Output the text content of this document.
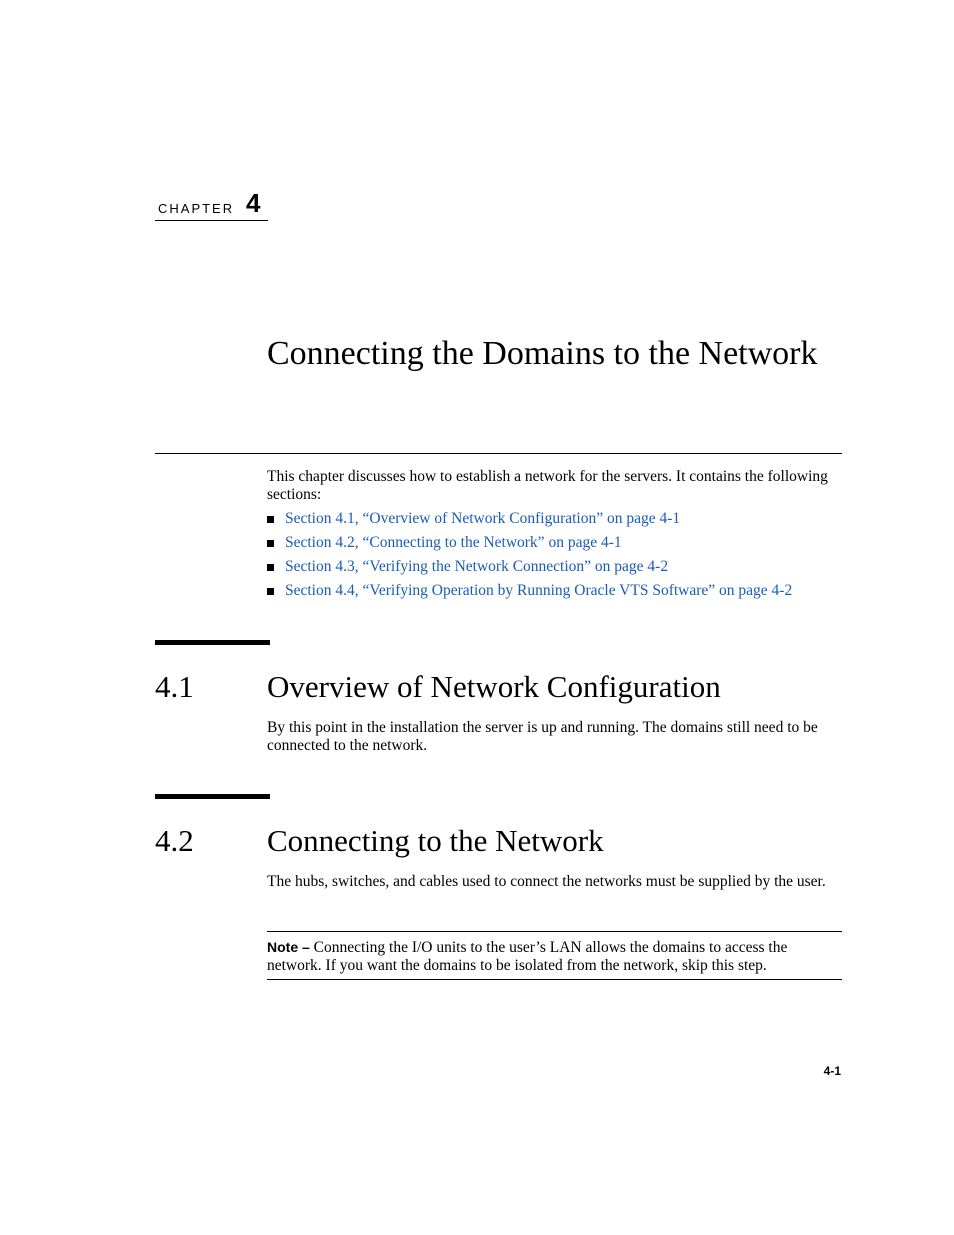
CHAPTER 4
Connecting the Domains to the Network

This chapter discusses how to establish a network for the servers. It contains the following sections:

Section 4.1, “Overview of Network Configuration” on page 4-1
Section 4.2, “Connecting to the Network” on page 4-1
Section 4.3, “Verifying the Network Connection” on page 4-2
Section 4.4, “Verifying Operation by Running Oracle VTS Software” on page 4-2
4.1 Overview of Network Configuration

By this point in the installation the server is up and running. The domains still need to be connected to the network.

4.2 Connecting to the Network

The hubs, switches, and cables used to connect the networks must be supplied by the user.

Note – Connecting the I/O units to the user’s LAN allows the domains to access the network. If you want the domains to be isolated from the network, skip this step.

4-1
